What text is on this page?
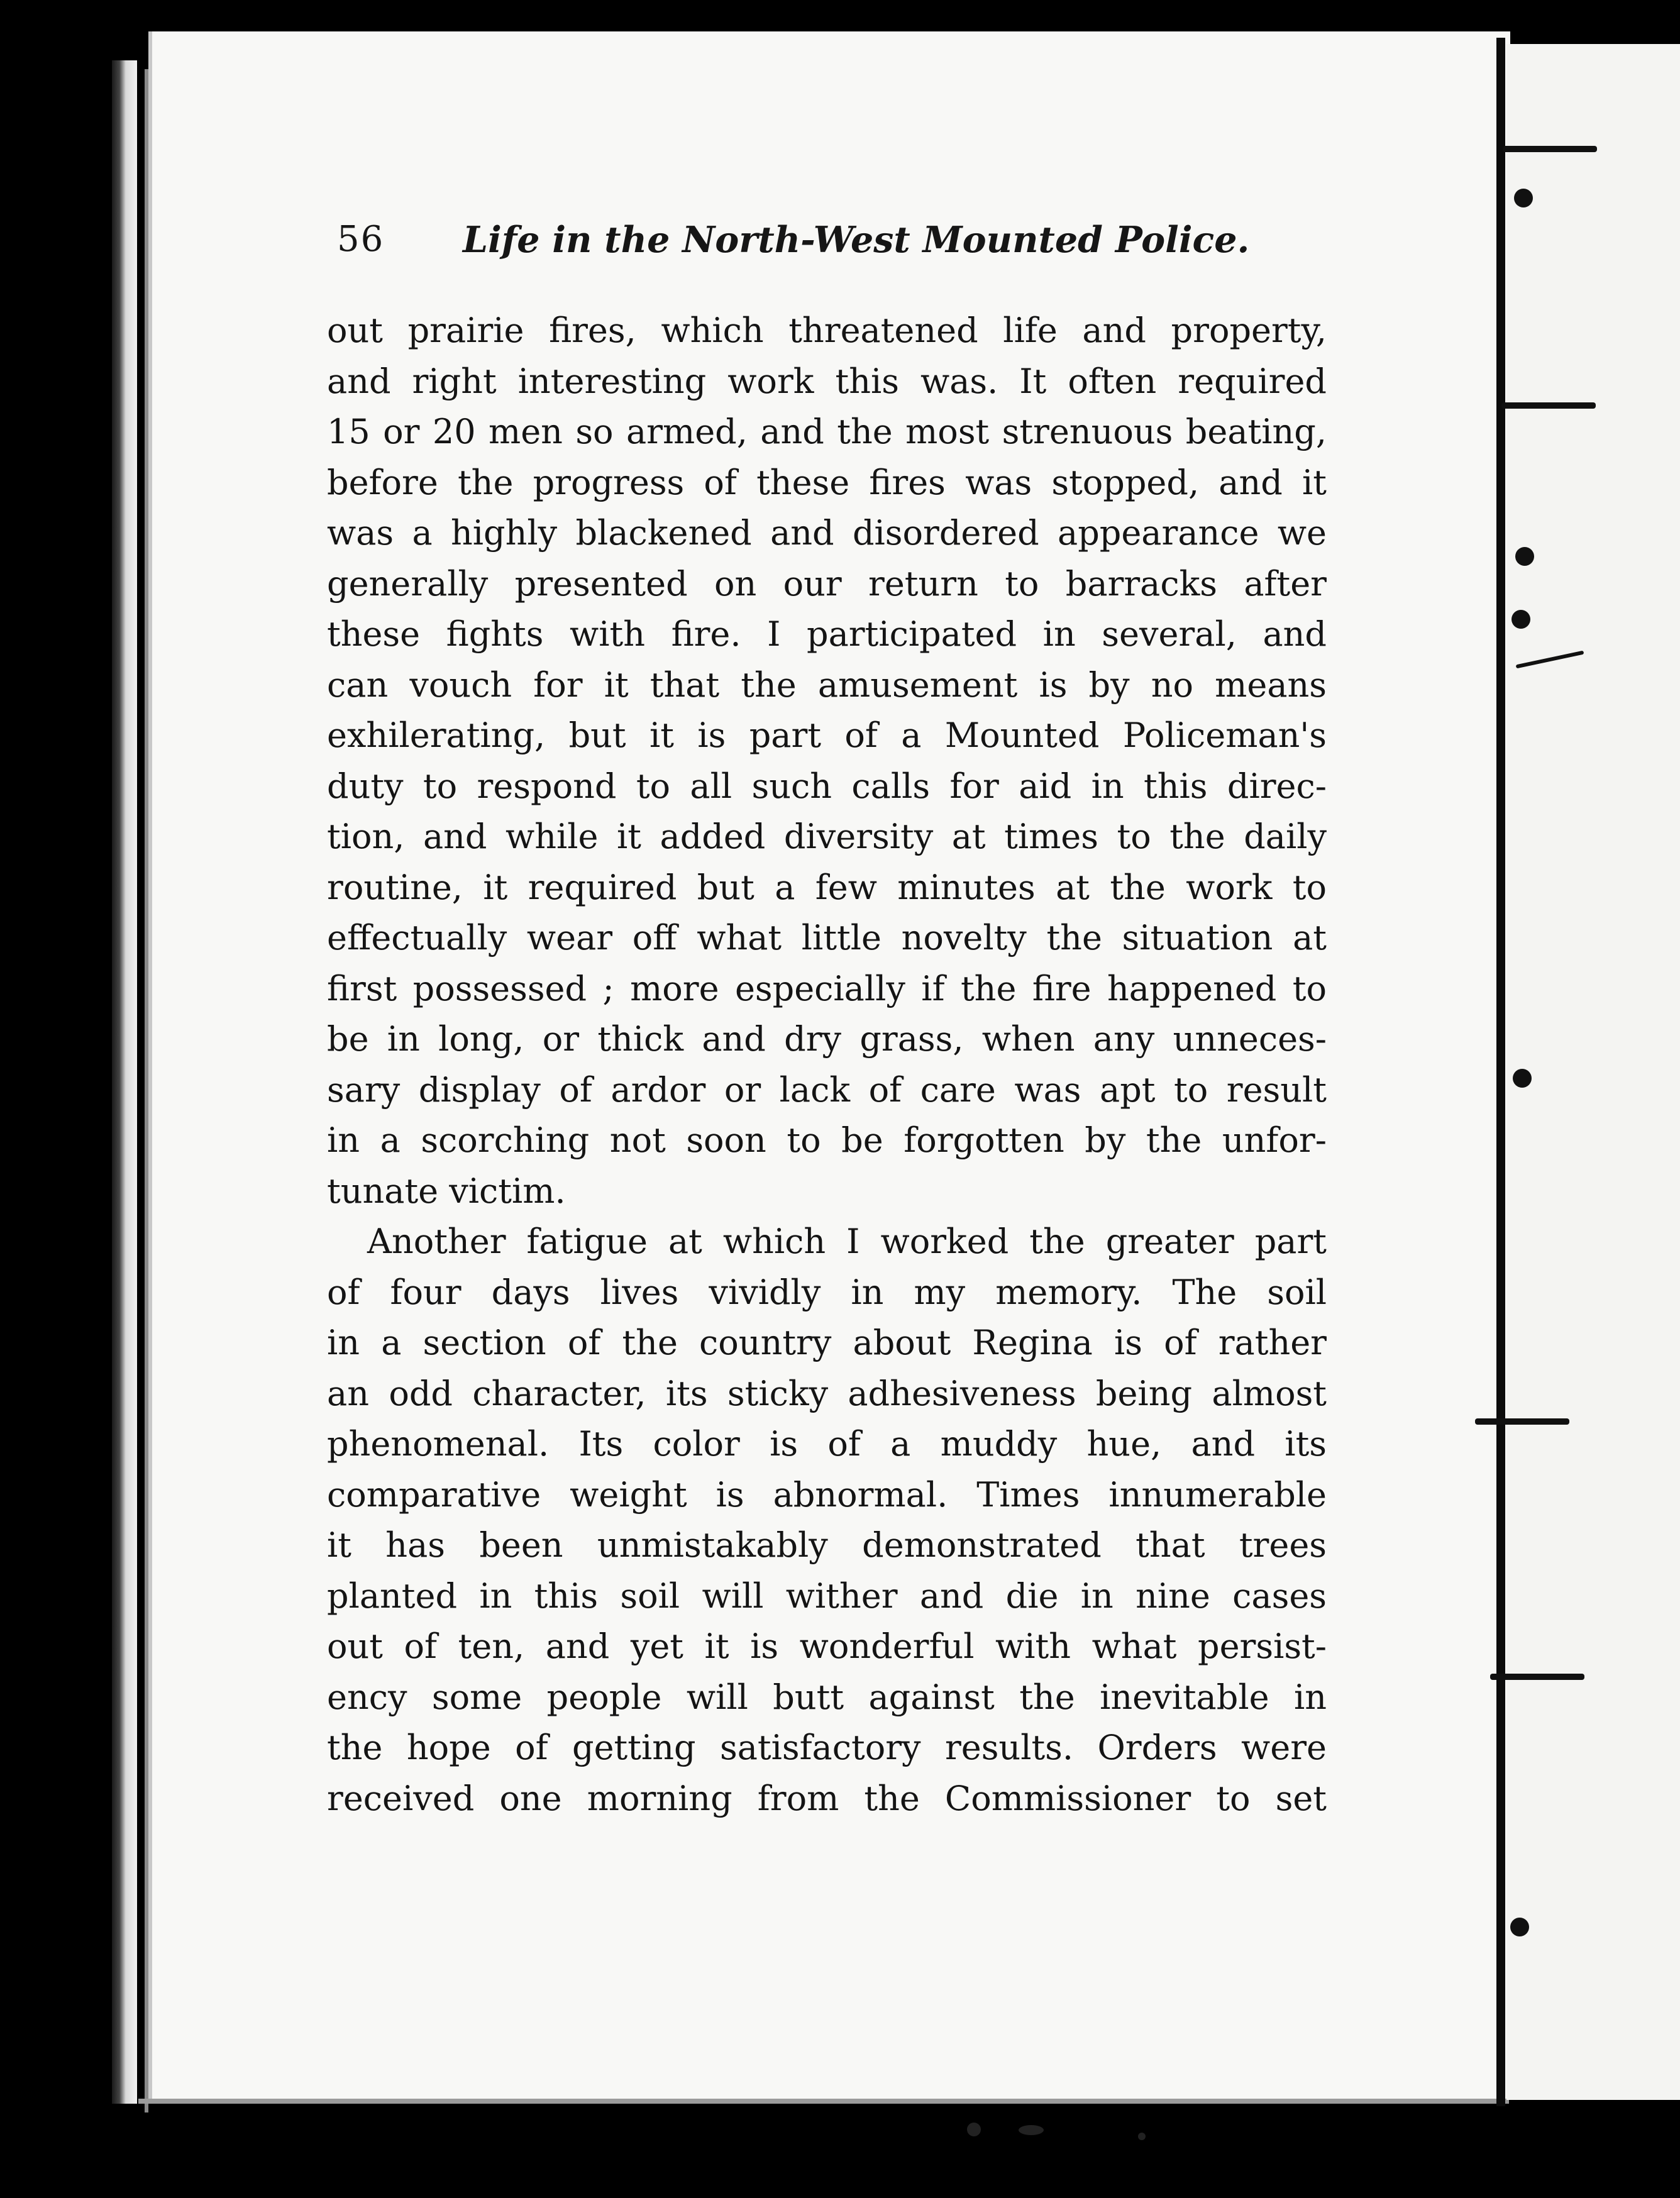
56 Life in the North-West Mounted Police.
out prairie fires, which threatened life and property,
and right interesting work this was. It often required
15 or 20 men so armed, and the most strenuous beating,
before the progress of these fires was stopped, and it
was a highly blackened and disordered appearance we
generally presented on our return to barracks after
these fights with fire. I participated in several, and
can vouch for it that the amusement is by no means
exhilerating, but it is part of a Mounted Policeman's
duty to respond to all such calls for aid in this direc-
tion, and while it added diversity at times to the daily
routine, it required but a few minutes at the work to
effectually wear off what little novelty the situation at
first possessed ; more especially if the fire happened to
be in long, or thick and dry grass, when any unneces-
sary display of ardor or lack of care was apt to result
in a scorching not soon to be forgotten by the unfor-
tunate victim.
Another fatigue at which I worked the greater part
of four days lives vividly in my memory. The soil
in a section of the country about Regina is of rather
an odd character, its sticky adhesiveness being almost
phenomenal. Its color is of a muddy hue, and its
comparative weight is abnormal. Times innumerable
it has been unmistakably demonstrated that trees
planted in this soil will wither and die in nine cases
out of ten, and yet it is wonderful with what persist-
ency some people will butt against the inevitable in
the hope of getting satisfactory results. Orders were
received one morning from the Commissioner to set
